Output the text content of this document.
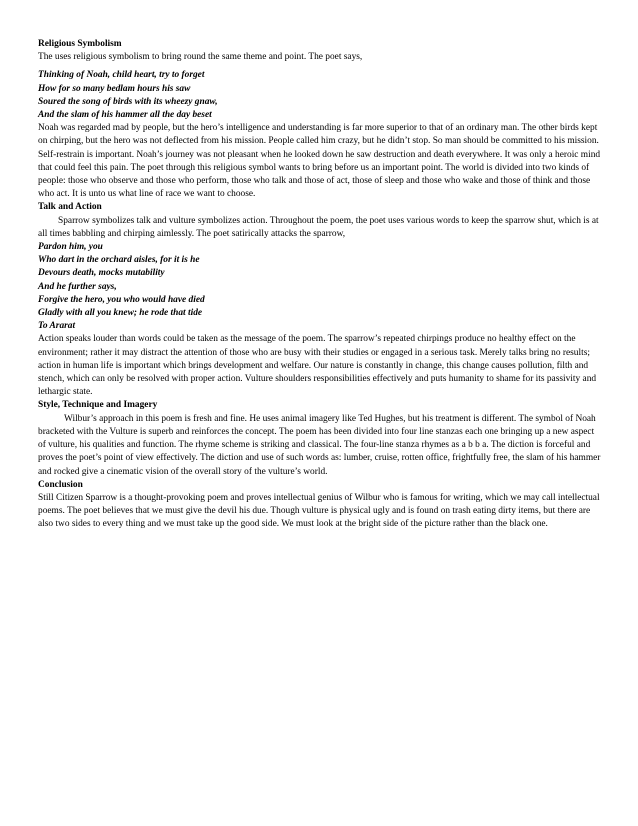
Religious Symbolism

The uses religious symbolism to bring round the same theme and point. The poet says,

Thinking of Noah, child heart, try to forget
How for so many bedlam hours his saw
Soured the song of birds with its wheezy gnaw,
And the slam of his hammer all the day beset

Noah was regarded mad by people, but the hero’s intelligence and understanding is far more superior to that of an ordinary man. The other birds kept on chirping, but the hero was not deflected from his mission. People called him crazy, but he didn’t stop. So man should be committed to his mission. Self-restrain is important. Noah’s journey was not pleasant when he looked down he saw destruction and death everywhere. It was only a heroic mind that could feel this pain. The poet through this religious symbol wants to bring before us an important point. The world is divided into two kinds of people: those who observe and those who perform, those who talk and those of act, those of sleep and those who wake and those of think and those who act. It is unto us what line of race we want to choose.

Talk and Action

Sparrow symbolizes talk and vulture symbolizes action. Throughout the poem, the poet uses various words to keep the sparrow shut, which is at all times babbling and chirping aimlessly. The poet satirically attacks the sparrow,

Pardon him, you
Who dart in the orchard aisles, for it is he
Devours death, mocks mutability
And he further says,
Forgive the hero, you who would have died
Gladly with all you knew; he rode that tide
To Ararat

Action speaks louder than words could be taken as the message of the poem. The sparrow’s repeated chirpings produce no healthy effect on the environment; rather it may distract the attention of those who are busy with their studies or engaged in a serious task. Merely talks bring no results; action in human life is important which brings development and welfare. Our nature is constantly in change, this change causes pollution, filth and stench, which can only be resolved with proper action. Vulture shoulders responsibilities effectively and puts humanity to shame for its passivity and lethargic state.

Style, Technique and Imagery

Wilbur’s approach in this poem is fresh and fine. He uses animal imagery like Ted Hughes, but his treatment is different. The symbol of Noah bracketed with the Vulture is superb and reinforces the concept. The poem has been divided into four line stanzas each one bringing up a new aspect of vulture, his qualities and function. The rhyme scheme is striking and classical. The four-line stanza rhymes as a b b a. The diction is forceful and proves the poet’s point of view effectively. The diction and use of such words as: lumber, cruise, rotten office, frightfully free, the slam of his hammer and rocked give a cinematic vision of the overall story of the vulture’s world.

Conclusion

Still Citizen Sparrow is a thought-provoking poem and proves intellectual genius of Wilbur who is famous for writing, which we may call intellectual poems. The poet believes that we must give the devil his due. Though vulture is physical ugly and is found on trash eating dirty items, but there are also two sides to every thing and we must take up the good side. We must look at the bright side of the picture rather than the black one.
